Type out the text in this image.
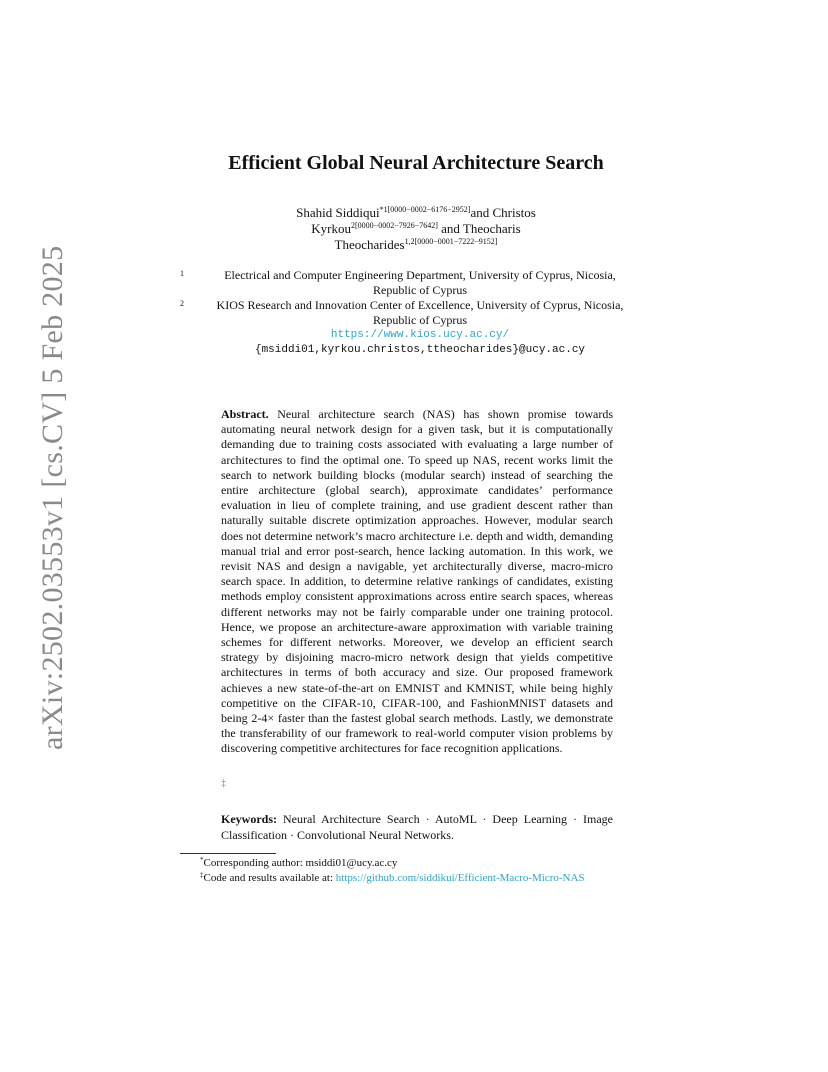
arXiv:2502.03553v1 [cs.CV] 5 Feb 2025
Efficient Global Neural Architecture Search
Shahid Siddiqui$^{*1[0000-0002-6176-2952]}$and Christos
Kyrkou$^{2[0000-0002-7926-7642]}$ and Theocharis
Theocharides$^{1,2[0000-0001-7222-9152]}$
1	Electrical and Computer Engineering Department, University of Cyprus, Nicosia,
Republic of Cyprus
2	KIOS Research and Innovation Center of Excellence, University of Cyprus, Nicosia,
Republic of Cyprus
https://www.kios.ucy.ac.cy/
{msiddi01,kyrkou.christos,ttheocharides}@ucy.ac.cy

Abstract. Neural architecture search (NAS) has shown promise towards automating neural network design for a given task, but it is computationally demanding due to training costs associated with evaluating a large number of architectures to find the optimal one. To speed up NAS, recent works limit the search to network building blocks (modular search) instead of searching the entire architecture (global search), approximate candidates’ performance evaluation in lieu of complete training, and use gradient descent rather than naturally suitable discrete optimization approaches. However, modular search does not determine network’s macro architecture i.e. depth and width, demanding manual trial and error post-search, hence lacking automation. In this work, we revisit NAS and design a navigable, yet architecturally diverse, macro-micro search space. In addition, to determine relative rankings of candidates, existing methods employ consistent approximations across entire search spaces, whereas different networks may not be fairly comparable under one training protocol. Hence, we propose an architecture-aware approximation with variable training schemes for different networks. Moreover, we develop an efficient search strategy by disjoining macro-micro network design that yields competitive architectures in terms of both accuracy and size. Our proposed framework achieves a new state-of-the-art on EMNIST and KMNIST, while being highly competitive on the CIFAR-10, CIFAR-100, and FashionMNIST datasets and being 2-4× faster than the fastest global search methods. Lastly, we demonstrate the transferability of our framework to real-world computer vision problems by discovering competitive architectures for face recognition applications.

‡

Keywords: Neural Architecture Search · AutoML · Deep Learning · Image Classification · Convolutional Neural Networks.

*Corresponding author: msiddi01@ucy.ac.cy
‡Code and results available at: https://github.com/siddikui/Efficient-Macro-Micro-NAS
